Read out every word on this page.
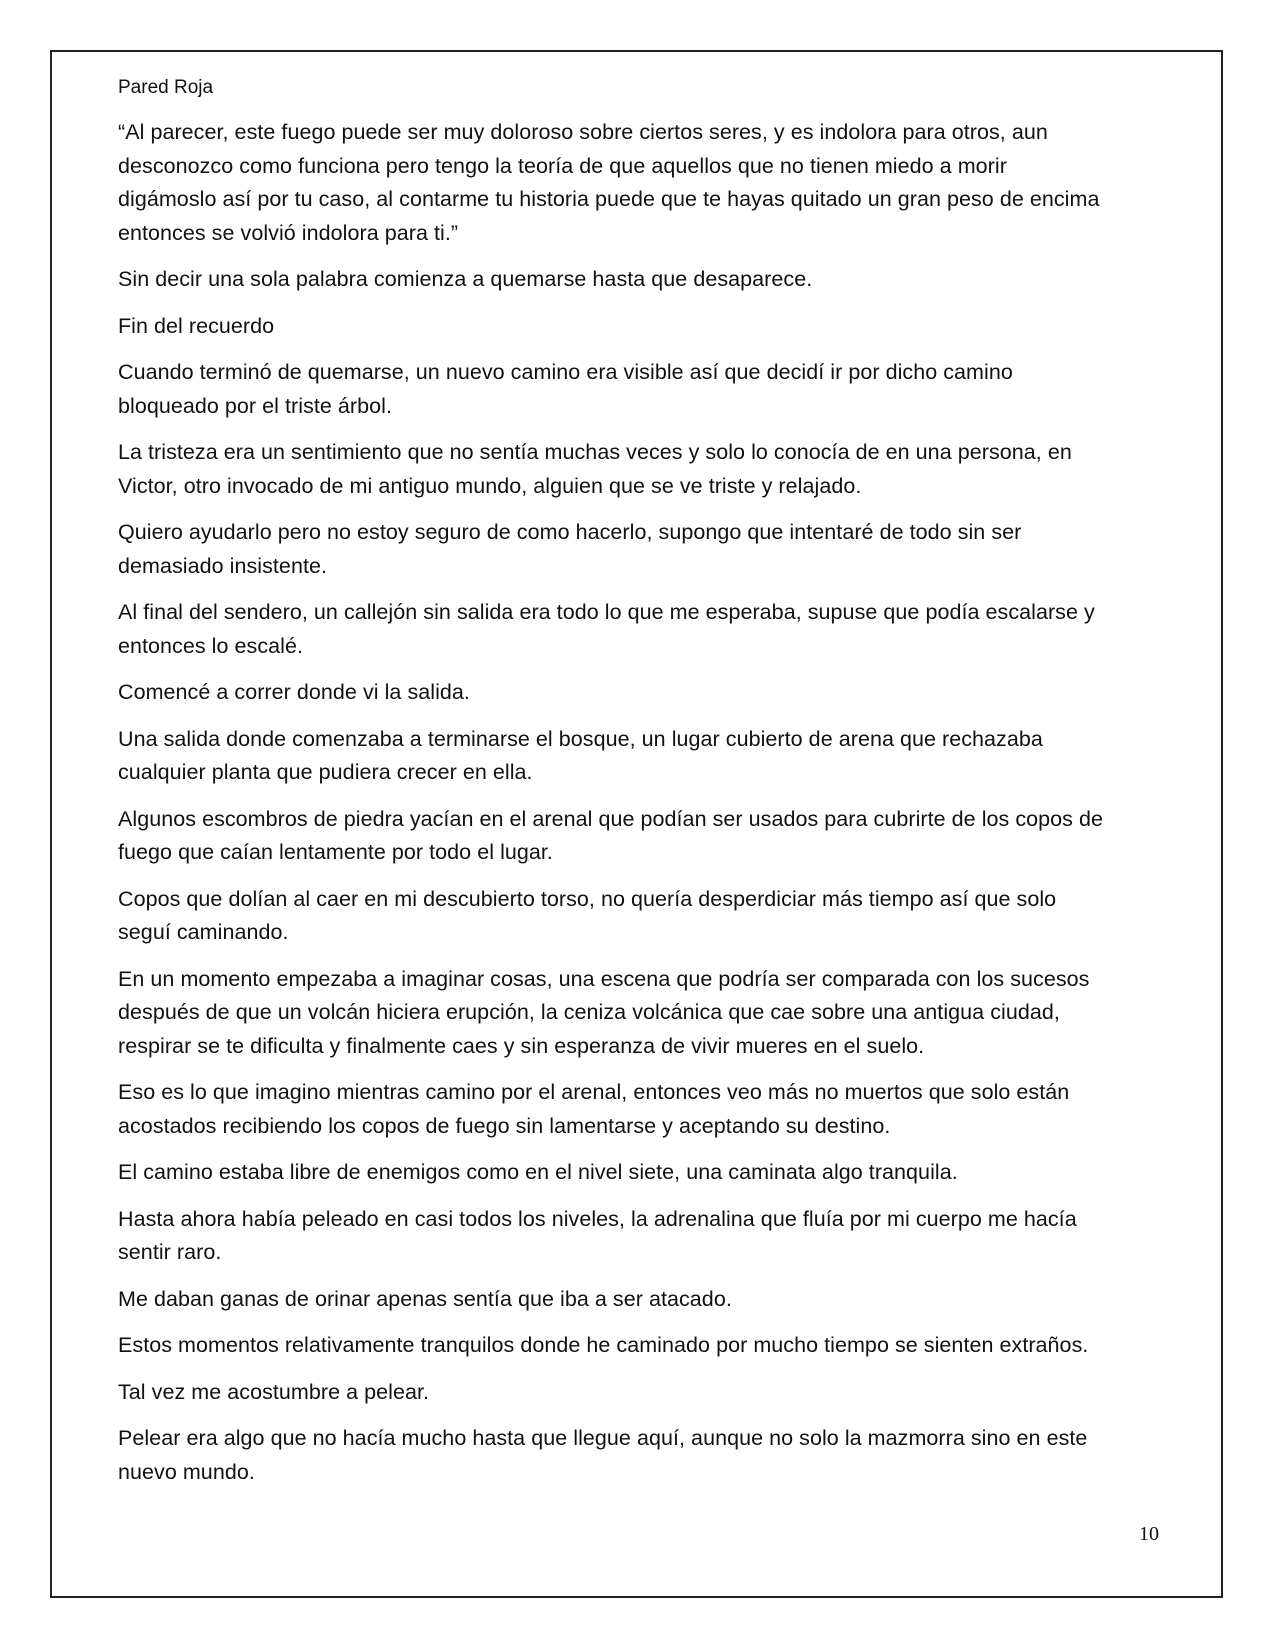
Pared Roja

“Al parecer, este fuego puede ser muy doloroso sobre ciertos seres, y es indolora para otros, aun
desconozco como funciona pero tengo la teoría de que aquellos que no tienen miedo a morir
digámoslo así por tu caso, al contarme tu historia puede que te hayas quitado un gran peso de encima
entonces se volvió indolora para ti.”

Sin decir una sola palabra comienza a quemarse hasta que desaparece.

Fin del recuerdo

Cuando terminó de quemarse, un nuevo camino era visible así que decidí ir por dicho camino
bloqueado por el triste árbol.

La tristeza era un sentimiento que no sentía muchas veces y solo lo conocía de en una persona, en
Victor, otro invocado de mi antiguo mundo, alguien que se ve triste y relajado.

Quiero ayudarlo pero no estoy seguro de como hacerlo, supongo que intentaré de todo sin ser
demasiado insistente.

Al final del sendero, un callejón sin salida era todo lo que me esperaba, supuse que podía escalarse y
entonces lo escalé.

Comencé a correr donde vi la salida.

Una salida donde comenzaba a terminarse el bosque, un lugar cubierto de arena que rechazaba
cualquier planta que pudiera crecer en ella.

Algunos escombros de piedra yacían en el arenal que podían ser usados para cubrirte de los copos de
fuego que caían lentamente por todo el lugar.

Copos que dolían al caer en mi descubierto torso, no quería desperdiciar más tiempo así que solo
seguí caminando.

En un momento empezaba a imaginar cosas, una escena que podría ser comparada con los sucesos
después de que un volcán hiciera erupción, la ceniza volcánica que cae sobre una antigua ciudad,
respirar se te dificulta y finalmente caes y sin esperanza de vivir mueres en el suelo.

Eso es lo que imagino mientras camino por el arenal, entonces veo más no muertos que solo están
acostados recibiendo los copos de fuego sin lamentarse y aceptando su destino.

El camino estaba libre de enemigos como en el nivel siete, una caminata algo tranquila.

Hasta ahora había peleado en casi todos los niveles, la adrenalina que fluía por mi cuerpo me hacía
sentir raro.

Me daban ganas de orinar apenas sentía que iba a ser atacado.

Estos momentos relativamente tranquilos donde he caminado por mucho tiempo se sienten extraños.

Tal vez me acostumbre a pelear.

Pelear era algo que no hacía mucho hasta que llegue aquí, aunque no solo la mazmorra sino en este
nuevo mundo.

10
